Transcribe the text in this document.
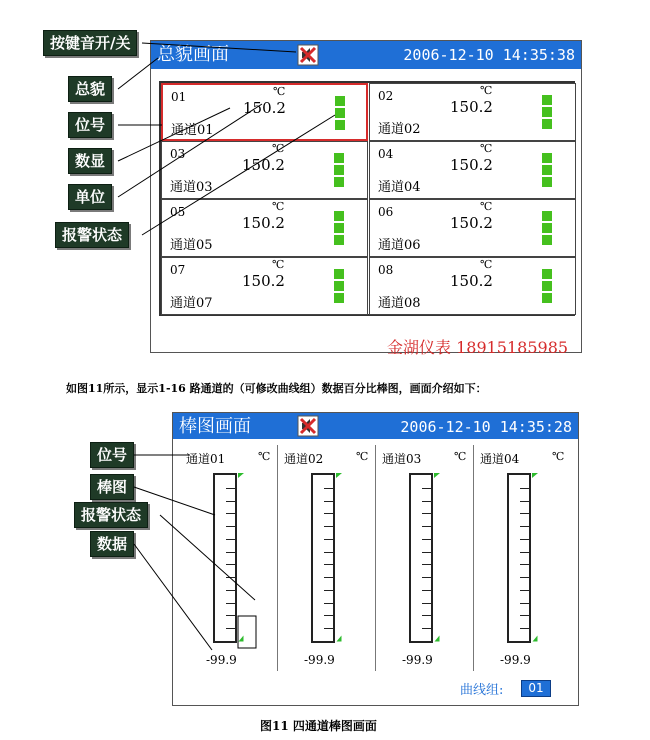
按键音开/关
总貌
位号
数显
单位
报警状态
总貌画面	2006-12-10 14:35:38
01	℃
150.2
通道01
02	℃
150.2
通道02
03	℃
150.2
通道03
04	℃
150.2
通道04
05	℃
150.2
通道05
06	℃
150.2
通道06
07	℃
150.2
通道07
08	℃
150.2
通道08
金湖仪表 18915185985
如图11所示，显示1-16 路通道的（可修改曲线组）数据百分比棒图，画面介绍如下：
位号
棒图
报警状态
数据
棒图画面	2006-12-10 14:35:28
通道01	℃
-99.9
通道02	℃
-99.9
通道03	℃
-99.9
通道04	℃
-99.9
曲线组:	01
图11 四通道棒图画面
